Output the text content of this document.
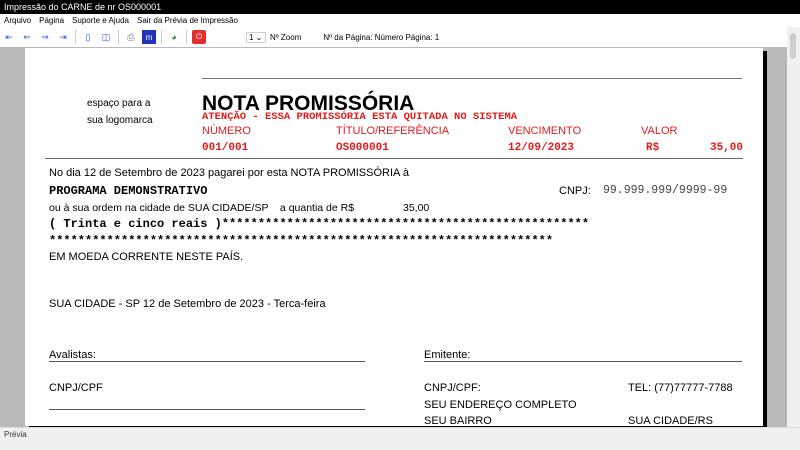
Impressão do CARNE de nr OS000001
Arquivo	Página	Suporte e Ajuda	Sair da Prévia de Impressão
⇤	⇐	⇒	⇥	▯	◫	⎙	m	◕	⏻	1 ⌄ Nº Zoom	Nº da Página: Número Página: 1
espaço para a
sua logomarca
NOTA PROMISSÓRIA
ATENÇÃO - ESSA PROMISSÓRIA ESTA QUITADA NO SISTEMA
NÚMERO	TÍTULO/REFERÊNCIA	VENCIMENTO	VALOR
001/001	OS000001	12/09/2023	R$	35,00
No dia 12 de Setembro de 2023 pagarei por esta NOTA PROMISSÓRIA à
PROGRAMA DEMONSTRATIVO	CNPJ: 99.999.999/9999-99
ou à sua ordem na cidade de SUA CIDADE/SP    a quantia de R$	35,00
( Trinta e cinco reais )***************************************************
**********************************************************************
EM MOEDA CORRENTE NESTE PAÍS.
SUA CIDADE - SP 12 de Setembro de 2023 - Terca-feira
Avalistas:
CNPJ/CPF
Emitente:
CNPJ/CPF:	TEL: (77)77777-7788
SEU ENDEREÇO COMPLETO
SEU BAIRRO	SUA CIDADE/RS
Prévia
